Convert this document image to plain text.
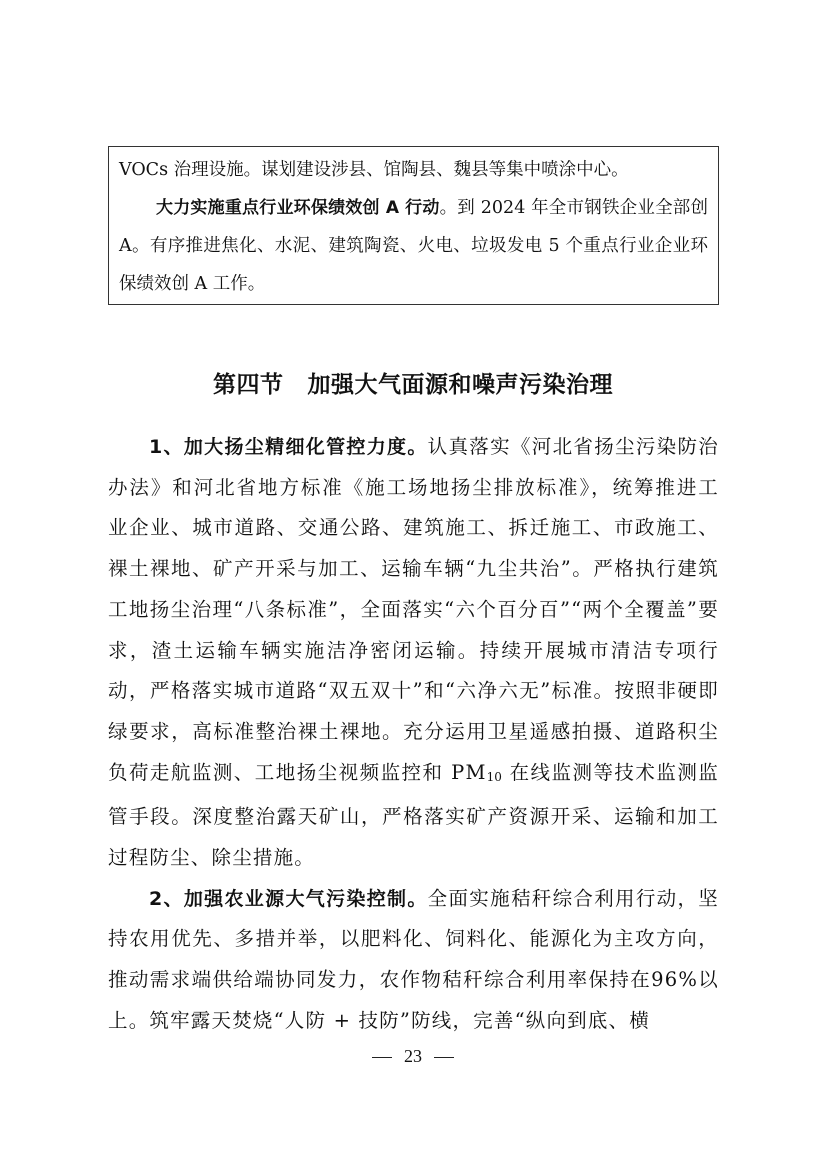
VOCs 治理设施。谋划建设涉县、馆陶县、魏县等集中喷涂中心。

大力实施重点行业环保绩效创 A 行动。到 2024 年全市钢铁企业全部创 A。有序推进焦化、水泥、建筑陶瓷、火电、垃圾发电 5 个重点行业企业环保绩效创 A 工作。

第四节 加强大气面源和噪声污染治理

1、加大扬尘精细化管控力度。认真落实《河北省扬尘污染防治办法》和河北省地方标准《施工场地扬尘排放标准》，统筹推进工业企业、城市道路、交通公路、建筑施工、拆迁施工、市政施工、裸土裸地、矿产开采与加工、运输车辆“九尘共治”。严格执行建筑工地扬尘治理“八条标准”，全面落实“六个百分百”“两个全覆盖”要求，渣土运输车辆实施洁净密闭运输。持续开展城市清洁专项行动，严格落实城市道路“双五双十”和“六净六无”标准。按照非硬即绿要求，高标准整治裸土裸地。充分运用卫星遥感拍摄、道路积尘负荷走航监测、工地扬尘视频监控和 $PM_{10}$ 在线监测等技术监测监管手段。深度整治露天矿山，严格落实矿产资源开采、运输和加工过程防尘、除尘措施。

2、加强农业源大气污染控制。全面实施秸秆综合利用行动，坚持农用优先、多措并举，以肥料化、饲料化、能源化为主攻方向，推动需求端供给端协同发力，农作物秸秆综合利用率保持在96%以上。筑牢露天焚烧“人防 + 技防”防线，完善“纵向到底、横

23
